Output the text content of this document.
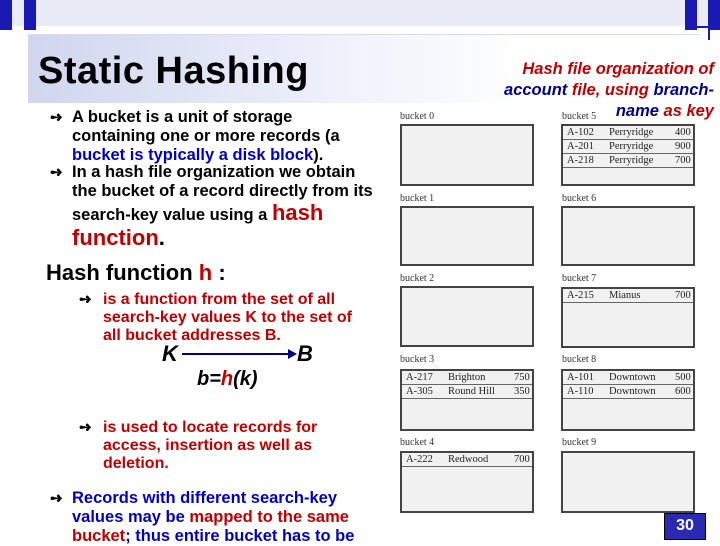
Static Hashing	Hash file organization of
account file, using branch-
name as key
➺ A bucket is a unit of storage
containing one or more records (a
bucket is typically a disk block).
➺ In a hash file organization we obtain
the bucket of a record directly from its
search-key value using a hash
function.
Hash function h :
➺ is a function from the set of all
search-key values K to the set of
all bucket addresses B.
K	B
b=h(k)
➺ is used to locate records for
access, insertion as well as
deletion.
➺ Records with different search-key
values may be mapped to the same
bucket; thus entire bucket has to be
bucket 0
bucket 1
bucket 2
bucket 3
A-217 Brighton	750
A-305 Round Hill 350
bucket 4
A-222 Redwood 700
bucket 5
A-102 Perryridge 400
A-201 Perryridge 900
A-218 Perryridge 700
bucket 6
bucket 7
A-215 Mianus	700
bucket 8
A-101 Downtown 500
A-110 Downtown 600
bucket 9
30
